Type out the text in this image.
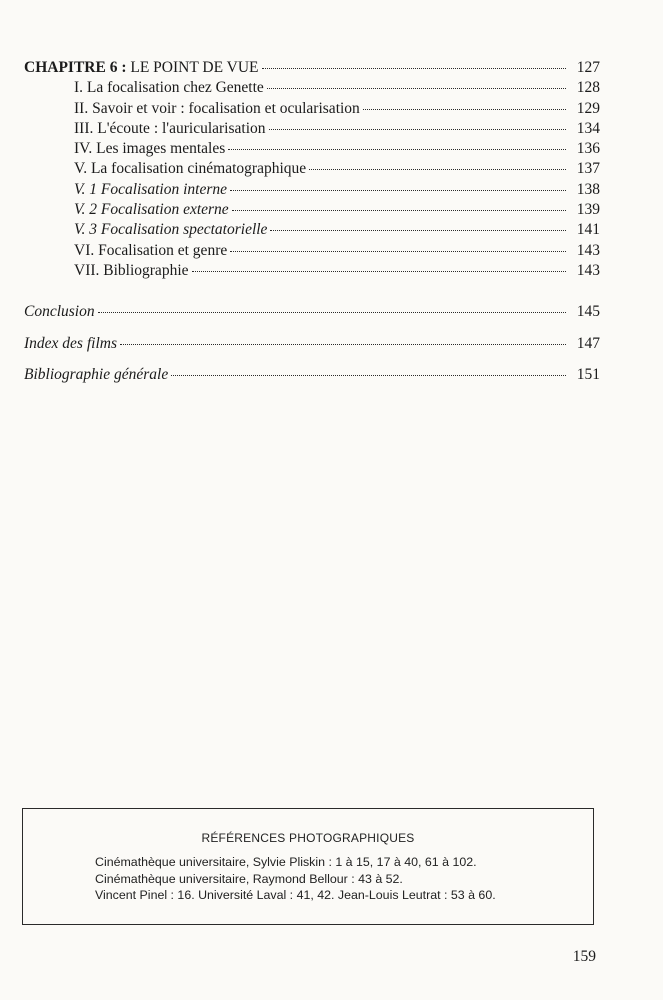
CHAPITRE 6 : LE POINT DE VUE	127
I. La focalisation chez Genette	128
II. Savoir et voir : focalisation et ocularisation	129
III. L'écoute : l'auricularisation	134
IV. Les images mentales	136
V. La focalisation cinématographique	137
V. 1 Focalisation interne	138
V. 2 Focalisation externe	139
V. 3 Focalisation spectatorielle	141
VI. Focalisation et genre	143
VII. Bibliographie	143
Conclusion	145
Index des films	147
Bibliographie générale	151
RÉFÉRENCES PHOTOGRAPHIQUES
Cinémathèque universitaire, Sylvie Pliskin : 1 à 15, 17 à 40, 61 à 102.
Cinémathèque universitaire, Raymond Bellour : 43 à 52.
Vincent Pinel : 16. Université Laval : 41, 42. Jean-Louis Leutrat : 53 à 60.
159
